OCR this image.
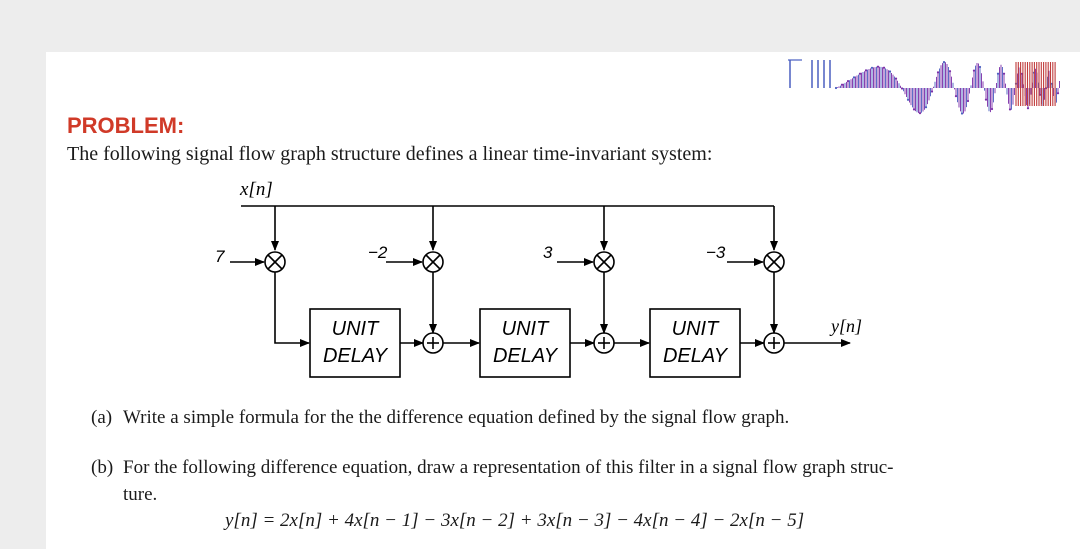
PROBLEM:

The following signal flow graph structure defines a linear time-invariant system:

x[n]
y[n]
7	−2	3	−3
UNIT
DELAY
UNIT
DELAY
UNIT
DELAY

(a) Write a simple formula for the the difference equation defined by the signal flow graph.

(b) For the following difference equation, draw a representation of this filter in a signal flow graph struc-
ture.

y[n] = 2x[n] + 4x[n − 1] − 3x[n − 2] + 3x[n − 3] − 4x[n − 4] − 2x[n − 5]
